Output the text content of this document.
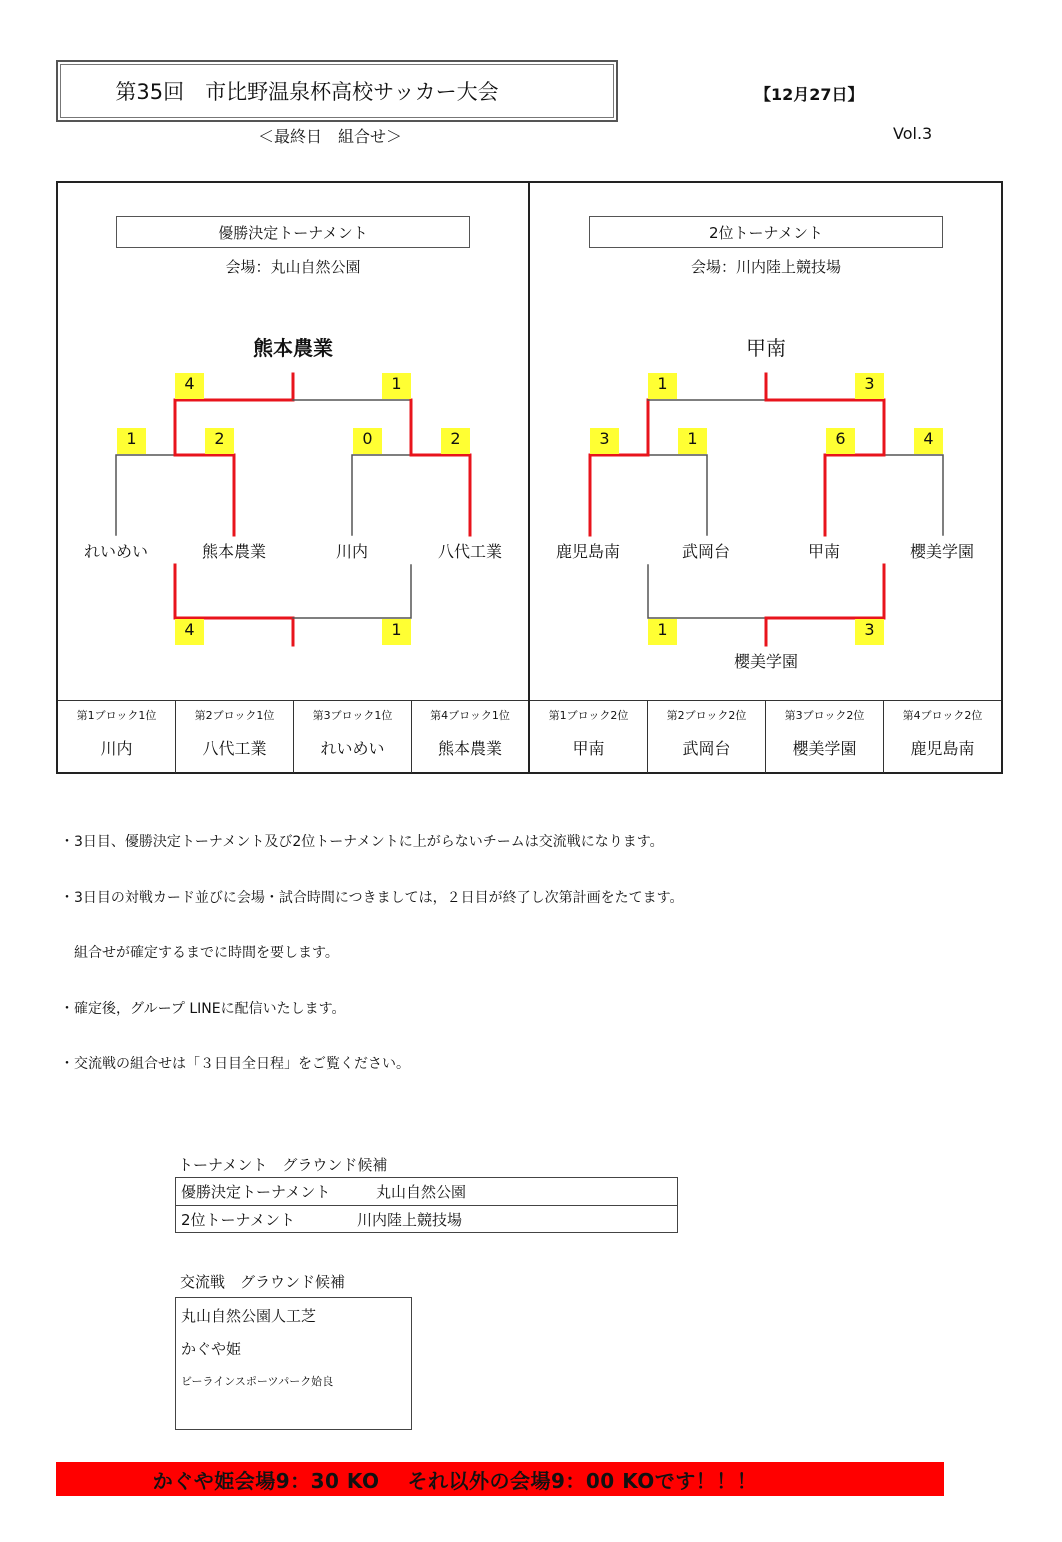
第35回　市比野温泉杯高校サッカー大会	【12月27日】
＜最終日　組合せ＞	Vol.3
優勝決定トーナメント
会場：丸山自然公園
熊本農業
2位トーナメント
会場：川内陸上競技場
甲南
1	2	0	2
4	1
4	1
3	1	6	4
1	3
1	3
れいめい	熊本農業	川内	八代工業	鹿児島南	武岡台	甲南	櫻美学園
櫻美学園
第1ブロック1位
川内
第2ブロック1位
八代工業
第3ブロック1位
れいめい
第4ブロック1位
熊本農業
第1ブロック2位
甲南
第2ブロック2位
武岡台
第3ブロック2位
櫻美学園
第4ブロック2位
鹿児島南
・3日目、優勝決定トーナメント及び2位トーナメントに上がらないチームは交流戦になります。
・3日目の対戦カード並びに会場・試合時間につきましては，２日目が終了し次第計画をたてます。
　組合せが確定するまでに時間を要します。
・確定後，グループ LINEに配信いたします。
・交流戦の組合せは「３日目全日程」をご覧ください。
トーナメント　グラウンド候補
優勝決定トーナメント	丸山自然公園
2位トーナメント	川内陸上競技場
交流戦　グラウンド候補
丸山自然公園人工芝
かぐや姫
ビーラインスポーツパーク姶良
かぐや姫会場9：30 KO　 それ以外の会場9：00 KOです！！！
